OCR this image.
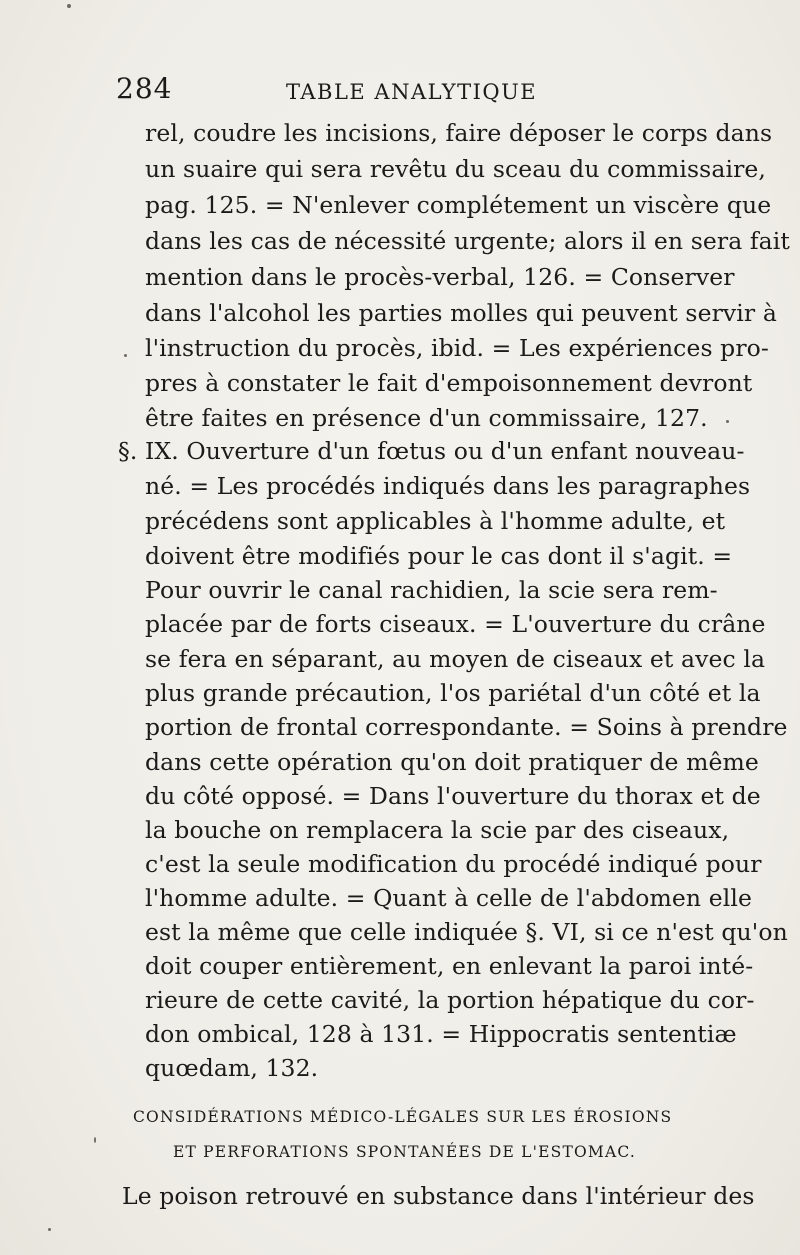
284	TABLE ANALYTIQUE
rel, coudre les incisions, faire déposer le corps dans
un suaire qui sera revêtu du sceau du commissaire,
pag. 125. = N'enlever complétement un viscère que
dans les cas de nécessité urgente; alors il en sera fait
mention dans le procès-verbal, 126. = Conserver
dans l'alcohol les parties molles qui peuvent servir à
l'instruction du procès, ibid. = Les expériences pro-
pres à constater le fait d'empoisonnement devront
être faites en présence d'un commissaire, 127.
§. IX. Ouverture d'un fœtus ou d'un enfant nouveau-
né. = Les procédés indiqués dans les paragraphes
précédens sont applicables à l'homme adulte, et
doivent être modifiés pour le cas dont il s'agit. =
Pour ouvrir le canal rachidien, la scie sera rem-
placée par de forts ciseaux. = L'ouverture du crâne
se fera en séparant, au moyen de ciseaux et avec la
plus grande précaution, l'os pariétal d'un côté et la
portion de frontal correspondante. = Soins à prendre
dans cette opération qu'on doit pratiquer de même
du côté opposé. = Dans l'ouverture du thorax et de
la bouche on remplacera la scie par des ciseaux,
c'est la seule modification du procédé indiqué pour
l'homme adulte. = Quant à celle de l'abdomen elle
est la même que celle indiquée §. VI, si ce n'est qu'on
doit couper entièrement, en enlevant la paroi inté-
rieure de cette cavité, la portion hépatique du cor-
don ombical, 128 à 131. = Hippocratis sententiæ
quœdam, 132.
CONSIDÉRATIONS MÉDICO-LÉGALES SUR LES ÉROSIONS
ET PERFORATIONS SPONTANÉES DE L'ESTOMAC.
Le poison retrouvé en substance dans l'intérieur des
